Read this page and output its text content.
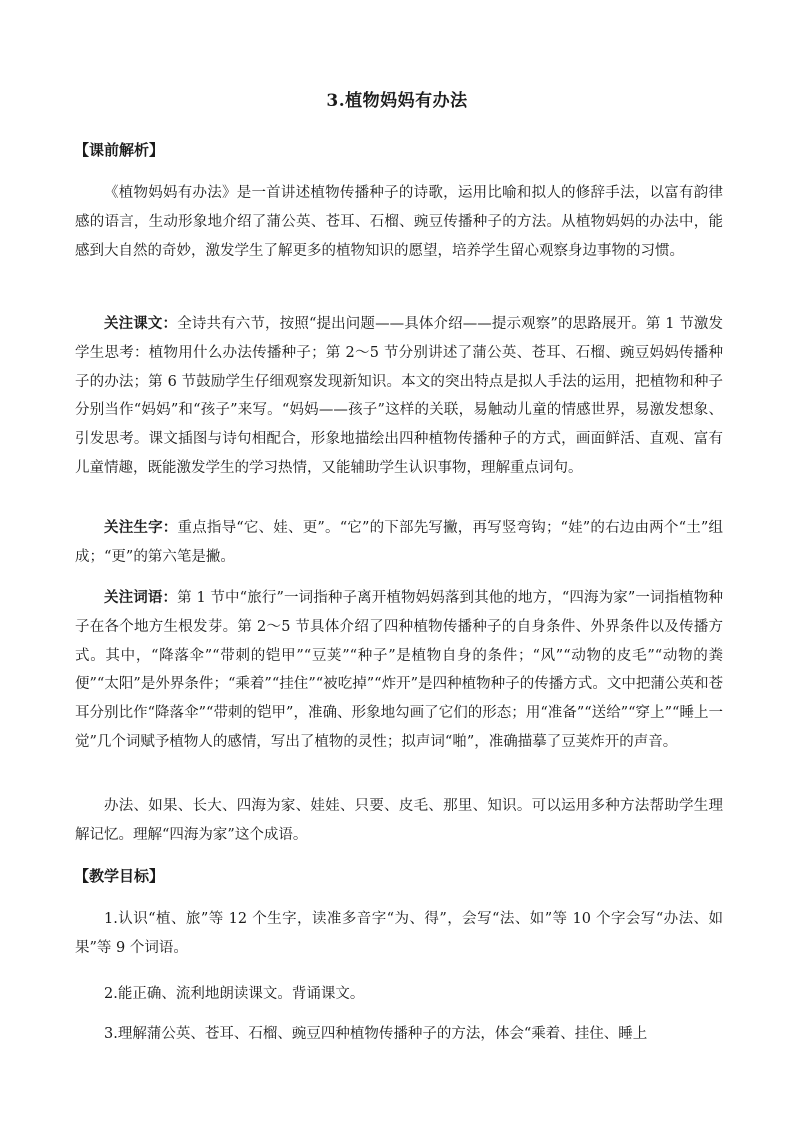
3.植物妈妈有办法
【课前解析】
《植物妈妈有办法》是一首讲述植物传播种子的诗歌，运用比喻和拟人的修辞手法，以富有韵律感的语言，生动形象地介绍了蒲公英、苍耳、石榴、豌豆传播种子的方法。从植物妈妈的办法中，能感到大自然的奇妙，激发学生了解更多的植物知识的愿望，培养学生留心观察身边事物的习惯。
关注课文：全诗共有六节，按照“提出问题——具体介绍——提示观察”的思路展开。第 1 节激发学生思考：植物用什么办法传播种子；第 2～5 节分别讲述了蒲公英、苍耳、石榴、豌豆妈妈传播种子的办法；第 6 节鼓励学生仔细观察发现新知识。本文的突出特点是拟人手法的运用，把植物和种子分别当作“妈妈”和“孩子”来写。“妈妈——孩子”这样的关联，易触动儿童的情感世界，易激发想象、引发思考。课文插图与诗句相配合，形象地描绘出四种植物传播种子的方式，画面鲜活、直观、富有儿童情趣，既能激发学生的学习热情，又能辅助学生认识事物，理解重点词句。
关注生字：重点指导“它、娃、更”。“它”的下部先写撇，再写竖弯钩；“娃”的右边由两个“土”组成；“更”的第六笔是撇。
关注词语：第 1 节中“旅行”一词指种子离开植物妈妈落到其他的地方，“四海为家”一词指植物种子在各个地方生根发芽。第 2～5 节具体介绍了四种植物传播种子的自身条件、外界条件以及传播方式。其中，“降落伞”“带刺的铠甲”“豆荚”“种子”是植物自身的条件；“风”“动物的皮毛”“动物的粪便”“太阳”是外界条件；“乘着”“挂住”“被吃掉”“炸开”是四种植物种子的传播方式。文中把蒲公英和苍耳分别比作“降落伞”“带刺的铠甲”，准确、形象地勾画了它们的形态；用“准备”“送给”“穿上”“睡上一觉”几个词赋予植物人的感情，写出了植物的灵性；拟声词“啪”，准确描摹了豆荚炸开的声音。
办法、如果、长大、四海为家、娃娃、只要、皮毛、那里、知识。可以运用多种方法帮助学生理解记忆。理解“四海为家”这个成语。
【教学目标】
1.认识“植、旅”等 12 个生字，读准多音字“为、得”，会写“法、如”等 10 个字会写“办法、如果”等 9 个词语。
2.能正确、流利地朗读课文。背诵课文。
3.理解蒲公英、苍耳、石榴、豌豆四种植物传播种子的方法，体会“乘着、挂住、睡上
